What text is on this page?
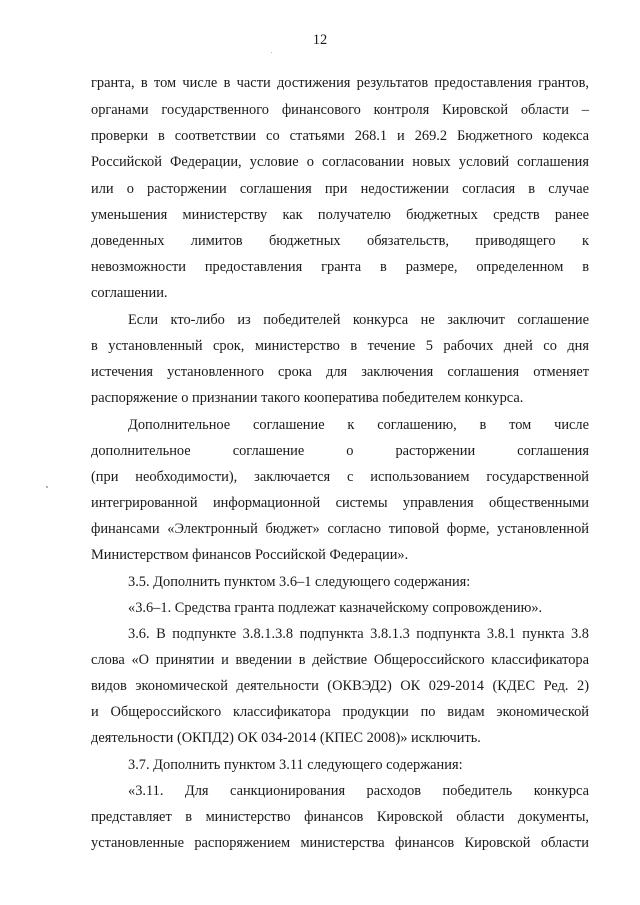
12
гранта, в том числе в части достижения результатов предоставления грантов,
органами государственного финансового контроля Кировской области –
проверки в соответствии со статьями 268.1 и 269.2 Бюджетного кодекса
Российской Федерации, условие о согласовании новых условий соглашения
или о расторжении соглашения при недостижении согласия в случае
уменьшения министерству как получателю бюджетных средств ранее
доведенных лимитов бюджетных обязательств, приводящего к
невозможности предоставления гранта в размере, определенном в
соглашении.
Если кто-либо из победителей конкурса не заключит соглашение
в установленный срок, министерство в течение 5 рабочих дней со дня
истечения установленного срока для заключения соглашения отменяет
распоряжение о признании такого кооператива победителем конкурса.
Дополнительное соглашение к соглашению, в том числе
дополнительное соглашение о расторжении соглашения
(при необходимости), заключается с использованием государственной
интегрированной информационной системы управления общественными
финансами «Электронный бюджет» согласно типовой форме, установленной
Министерством финансов Российской Федерации».
3.5. Дополнить пунктом 3.6–1 следующего содержания:
«3.6–1. Средства гранта подлежат казначейскому сопровождению».
3.6. В подпункте 3.8.1.3.8 подпункта 3.8.1.3 подпункта 3.8.1 пункта 3.8
слова «О принятии и введении в действие Общероссийского классификатора
видов экономической деятельности (ОКВЭД2) ОК 029-2014 (КДЕС Ред. 2)
и Общероссийского классификатора продукции по видам экономической
деятельности (ОКПД2) ОК 034-2014 (КПЕС 2008)» исключить.
3.7. Дополнить пунктом 3.11 следующего содержания:
«3.11. Для санкционирования расходов победитель конкурса
представляет в министерство финансов Кировской области документы,
установленные распоряжением министерства финансов Кировской области
